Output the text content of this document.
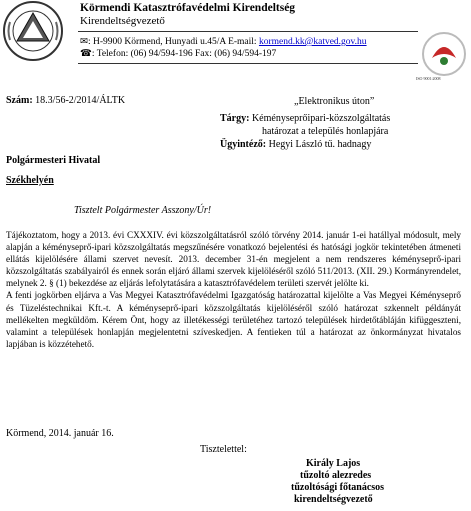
Körmendi Katasztrófavédelmi Kirendeltség
Kirendeltségvezető
✉: H-9900 Körmend, Hunyadi u.45/A E-mail: kormend.kk@katved.gov.hu
☎: Telefon: (06) 94/594-196 Fax: (06) 94/594-197
ISO 9001:2008
Szám: 18.3/56-2/2014/ÁLTK	„Elektronikus úton”
Tárgy: Kéményseprőipari-közszolgáltatás
határozat a település honlapjára
Ügyintéző: Hegyi László tű. hadnagy
Polgármesteri Hivatal
Székhelyén
Tisztelt Polgármester Asszony/Úr!

Tájékoztatom, hogy a 2013. évi CXXXIV. évi közszolgáltatásról szóló törvény 2014. január 1-ei hatállyal módosult, mely alapján a kéményseprő-ipari közszolgáltatás megszűnésére vonatkozó bejelentési és hatósági jogkör tekintetében átmeneti ellátás kijelölésére állami szervet nevesít. 2013. december 31-én megjelent a nem rendszeres kéményseprő-ipari közszolgáltatás szabályairól és ennek során eljáró állami szervek kijelöléséről szóló 511/2013. (XII. 29.) Kormányrendelet, melynek 2. § (1) bekezdése az eljárás lefolytatására a katasztrófavédelem területi szervét jelölte ki.

A fenti jogkörben eljárva a Vas Megyei Katasztrófavédelmi Igazgatóság határozattal kijelölte a Vas Megyei Kéményseprő és Tüzeléstechnikai Kft.-t. A kéményseprő-ipari közszolgáltatás kijelöléséről szóló határozat szkennelt példányát mellékelten megküldöm. Kérem Önt, hogy az illetékességi területéhez tartozó települések hirdetőtábláján kifüggeszteni, valamint a települések honlapján megjelentetni szíveskedjen. A fentieken túl a határozat az önkormányzat hivatalos lapjában is közzétehető.

Körmend, 2014. január 16.
Tisztelettel:
Király Lajos
tűzoltó alezredes
tűzoltósági főtanácsos
kirendeltségvezető
